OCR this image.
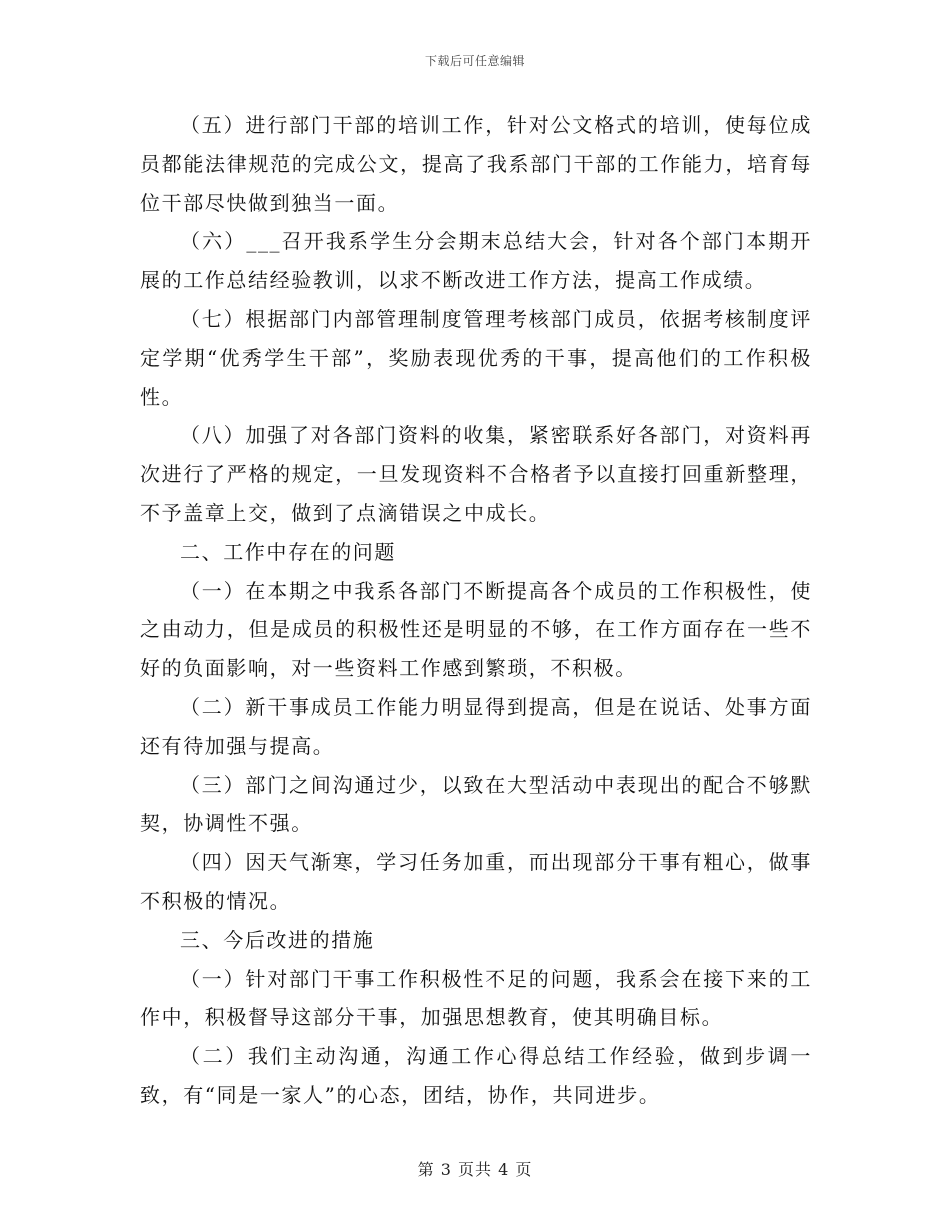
下载后可任意编辑

（五）进行部门干部的培训工作，针对公文格式的培训，使每位成员都能法律规范的完成公文，提高了我系部门干部的工作能力，培育每位干部尽快做到独当一面。

（六）___召开我系学生分会期末总结大会，针对各个部门本期开展的工作总结经验教训，以求不断改进工作方法，提高工作成绩。

（七）根据部门内部管理制度管理考核部门成员，依据考核制度评定学期“优秀学生干部”，奖励表现优秀的干事，提高他们的工作积极性。

（八）加强了对各部门资料的收集，紧密联系好各部门，对资料再次进行了严格的规定，一旦发现资料不合格者予以直接打回重新整理，不予盖章上交，做到了点滴错误之中成长。

二、工作中存在的问题

（一）在本期之中我系各部门不断提高各个成员的工作积极性，使之由动力，但是成员的积极性还是明显的不够，在工作方面存在一些不好的负面影响，对一些资料工作感到繁琐，不积极。

（二）新干事成员工作能力明显得到提高，但是在说话、处事方面还有待加强与提高。

（三）部门之间沟通过少，以致在大型活动中表现出的配合不够默契，协调性不强。

（四）因天气渐寒，学习任务加重，而出现部分干事有粗心，做事不积极的情况。

三、今后改进的措施

（一）针对部门干事工作积极性不足的问题，我系会在接下来的工作中，积极督导这部分干事，加强思想教育，使其明确目标。

（二）我们主动沟通，沟通工作心得总结工作经验，做到步调一致，有“同是一家人”的心态，团结，协作，共同进步。

第 3 页共 4 页
